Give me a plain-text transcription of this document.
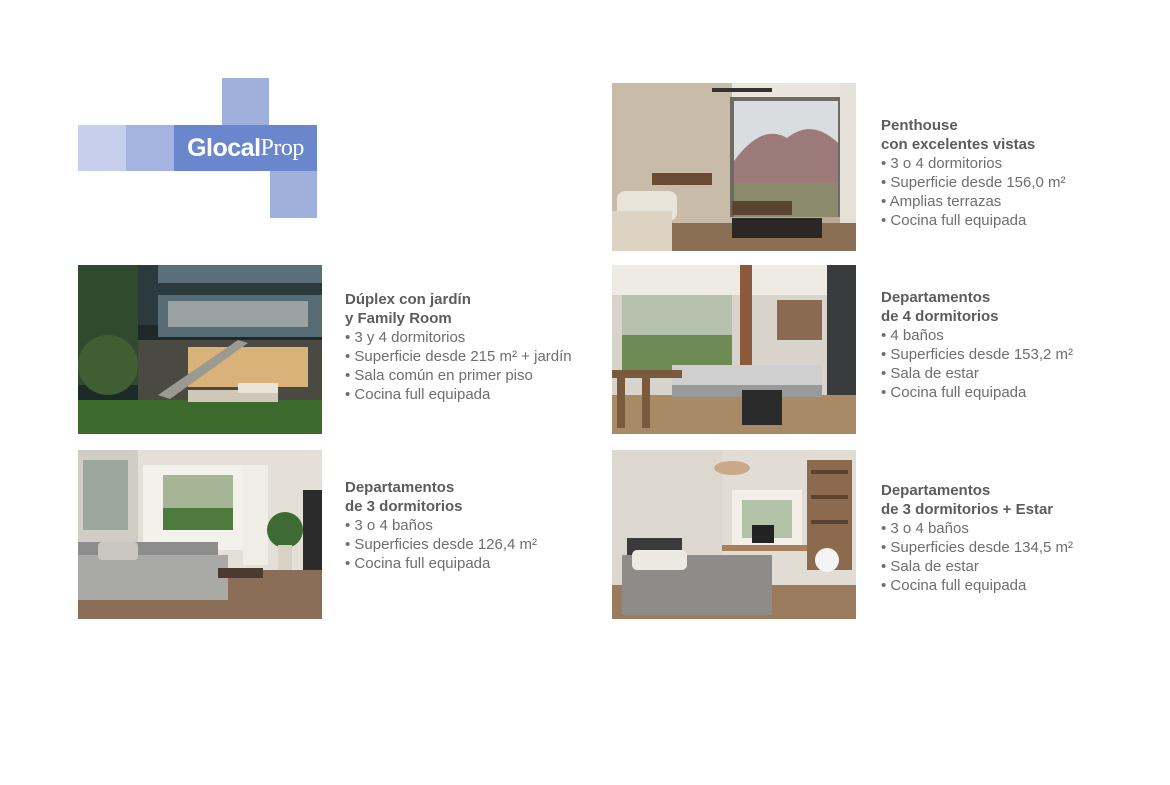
Glocal Prop

Penthouse

con excelentes vistas

• 3 o 4 dormitorios
• Superficie desde 156,0 m²
• Amplias terrazas
• Cocina full equipada

Dúplex con jardín

y Family Room

• 3 y 4 dormitorios
• Superficie desde 215 m² + jardín
• Sala común en primer piso
• Cocina full equipada

Departamentos

de 4 dormitorios

• 4 baños
• Superficies desde 153,2 m²
• Sala de estar
• Cocina full equipada

Departamentos

de 3 dormitorios

• 3 o 4 baños
• Superficies desde 126,4 m²
• Cocina full equipada

Departamentos

de 3 dormitorios + Estar

• 3 o 4 baños
• Superficies desde 134,5 m²
• Sala de estar
• Cocina full equipada
